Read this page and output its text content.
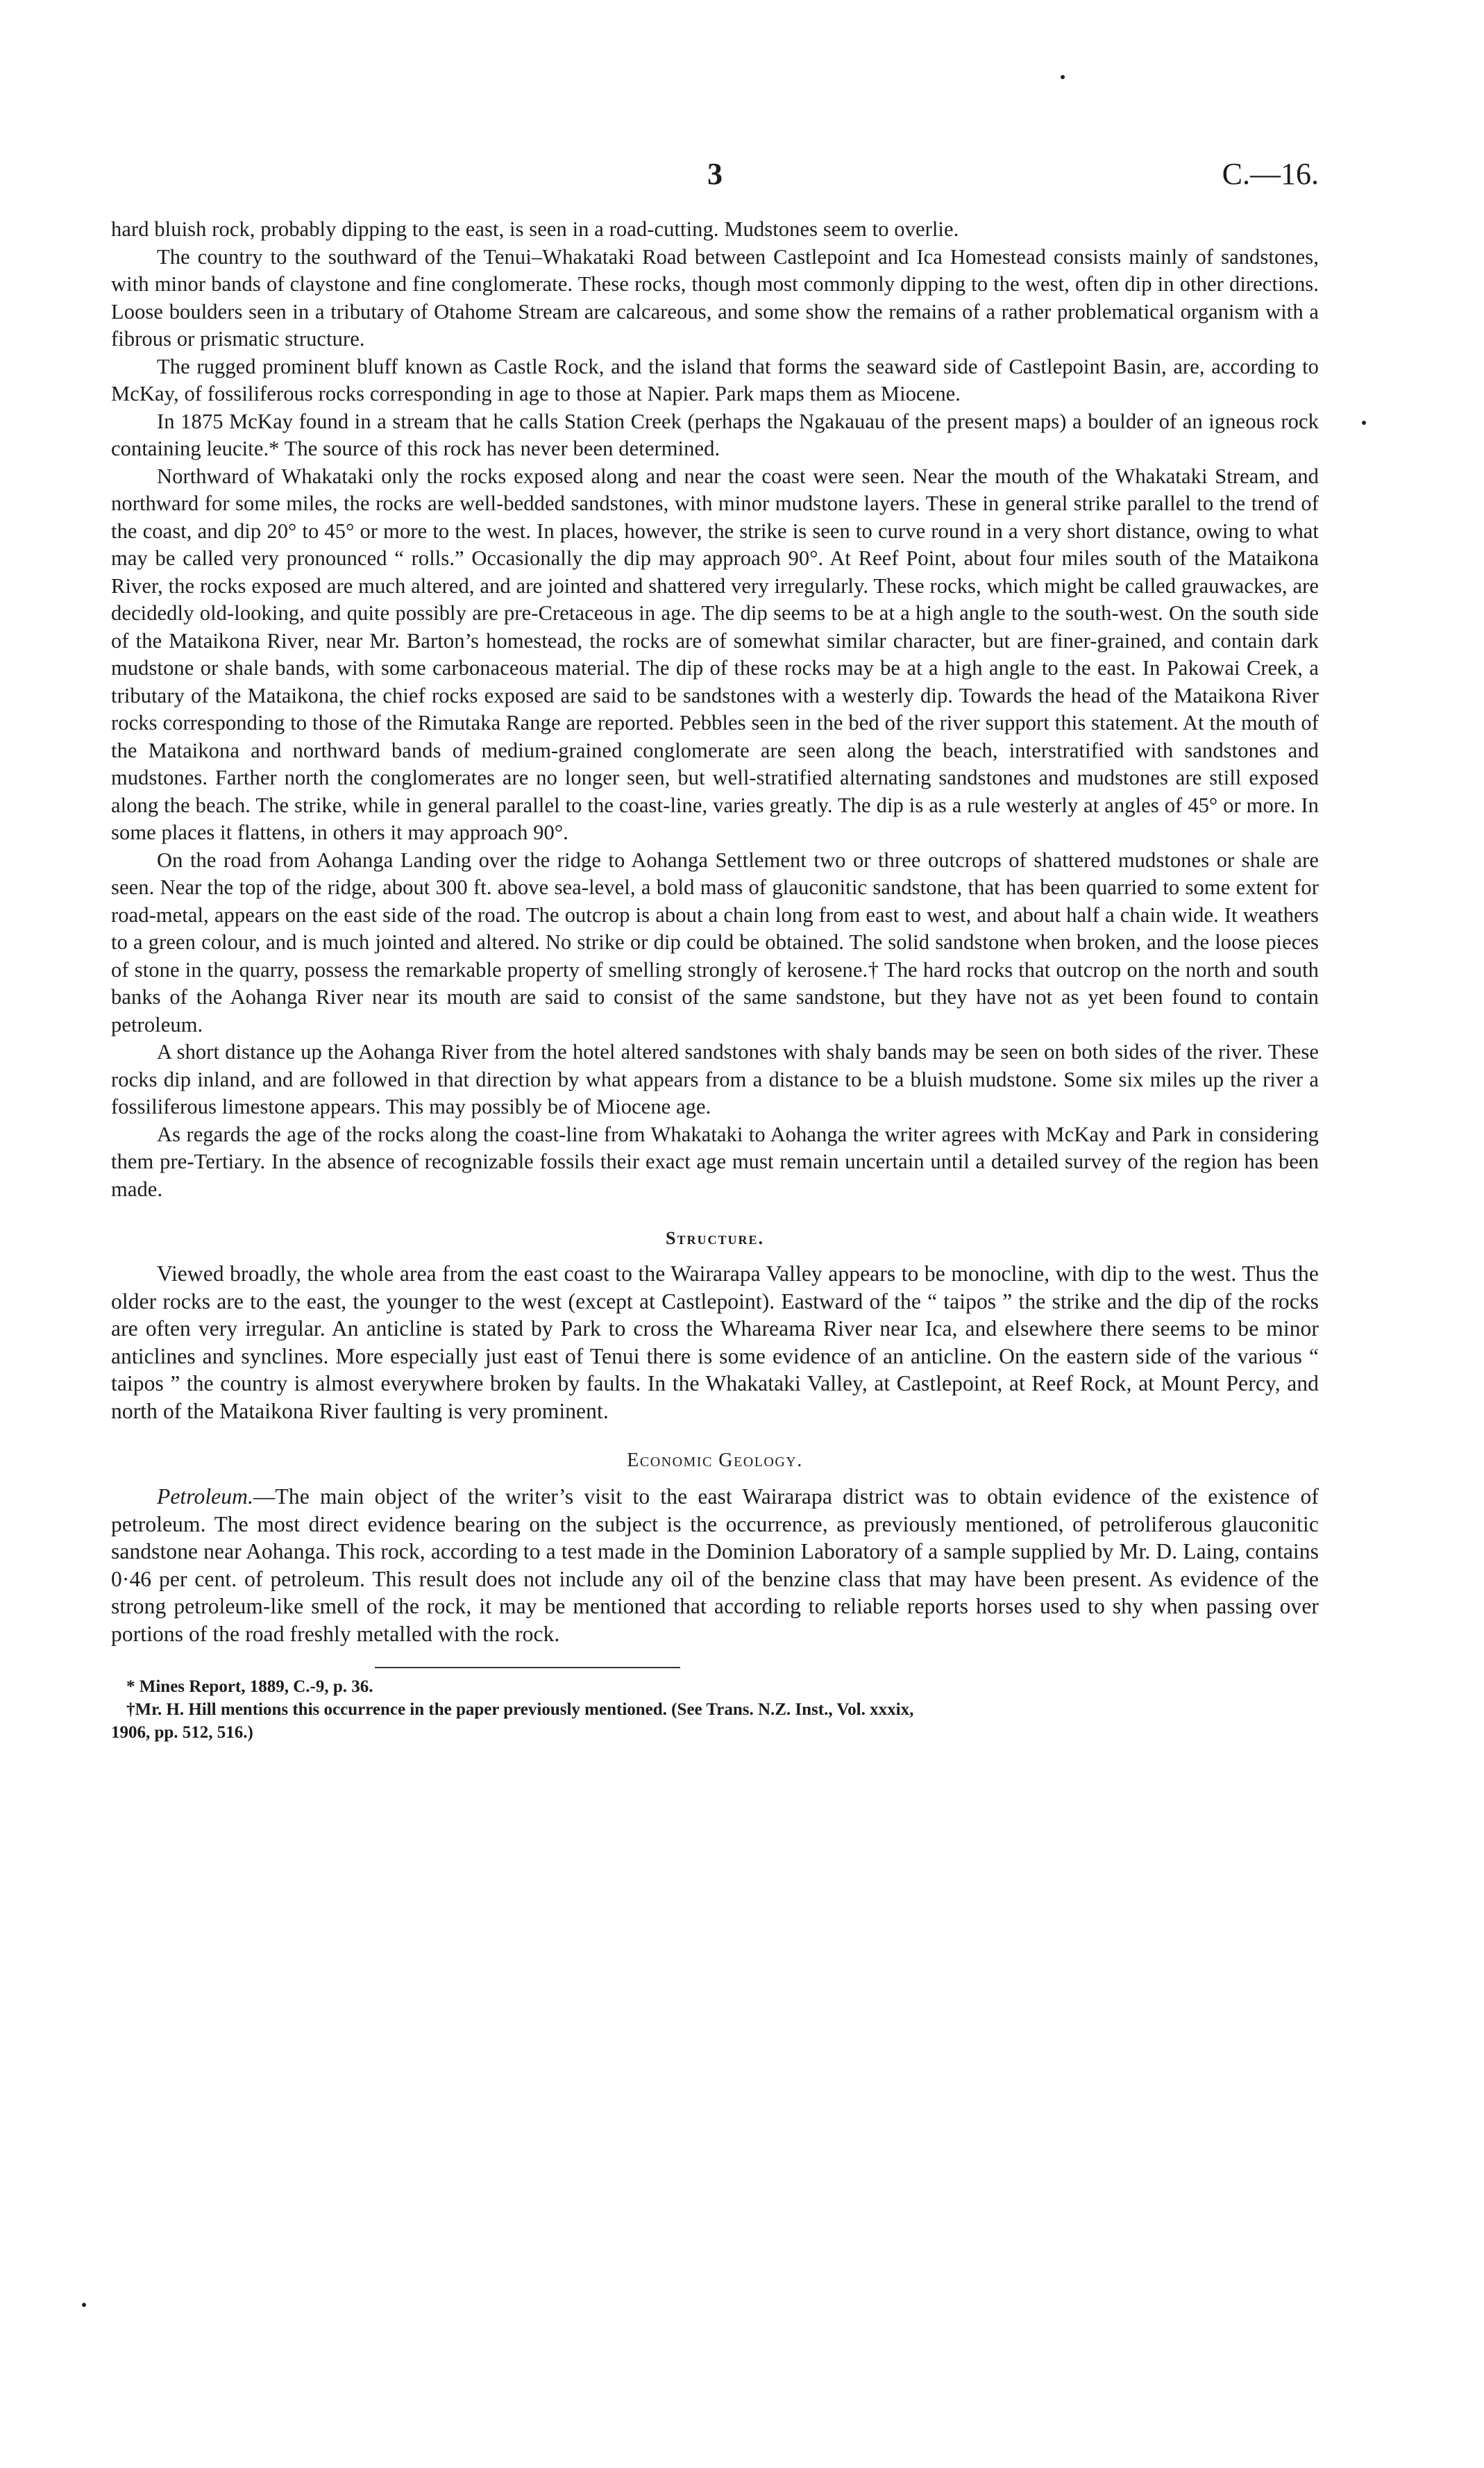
3	C.—16.

hard bluish rock, probably dipping to the east, is seen in a road-cutting. Mudstones seem to overlie.

The country to the southward of the Tenui–Whakataki Road between Castlepoint and Ica Homestead consists mainly of sandstones, with minor bands of claystone and fine conglomerate. These rocks, though most commonly dipping to the west, often dip in other directions. Loose boulders seen in a tributary of Otahome Stream are calcareous, and some show the remains of a rather problematical organism with a fibrous or prismatic structure.

The rugged prominent bluff known as Castle Rock, and the island that forms the seaward side of Castlepoint Basin, are, according to McKay, of fossiliferous rocks corresponding in age to those at Napier. Park maps them as Miocene.

In 1875 McKay found in a stream that he calls Station Creek (perhaps the Ngakauau of the present maps) a boulder of an igneous rock containing leucite.* The source of this rock has never been determined.

Northward of Whakataki only the rocks exposed along and near the coast were seen. Near the mouth of the Whakataki Stream, and northward for some miles, the rocks are well-bedded sandstones, with minor mudstone layers. These in general strike parallel to the trend of the coast, and dip 20° to 45° or more to the west. In places, however, the strike is seen to curve round in a very short distance, owing to what may be called very pronounced “ rolls.” Occasionally the dip may approach 90°. At Reef Point, about four miles south of the Mataikona River, the rocks exposed are much altered, and are jointed and shattered very irregularly. These rocks, which might be called grauwackes, are decidedly old-looking, and quite possibly are pre-Cretaceous in age. The dip seems to be at a high angle to the south-west. On the south side of the Mataikona River, near Mr. Barton’s homestead, the rocks are of somewhat similar character, but are finer-grained, and contain dark mudstone or shale bands, with some carbonaceous material. The dip of these rocks may be at a high angle to the east. In Pakowai Creek, a tributary of the Mataikona, the chief rocks exposed are said to be sandstones with a westerly dip. Towards the head of the Mataikona River rocks corresponding to those of the Rimutaka Range are reported. Pebbles seen in the bed of the river support this statement. At the mouth of the Mataikona and northward bands of medium-grained conglomerate are seen along the beach, interstratified with sandstones and mudstones. Farther north the conglomerates are no longer seen, but well-stratified alternating sandstones and mudstones are still exposed along the beach. The strike, while in general parallel to the coast-line, varies greatly. The dip is as a rule westerly at angles of 45° or more. In some places it flattens, in others it may approach 90°.

On the road from Aohanga Landing over the ridge to Aohanga Settlement two or three outcrops of shattered mudstones or shale are seen. Near the top of the ridge, about 300 ft. above sea-level, a bold mass of glauconitic sandstone, that has been quarried to some extent for road-metal, appears on the east side of the road. The outcrop is about a chain long from east to west, and about half a chain wide. It weathers to a green colour, and is much jointed and altered. No strike or dip could be obtained. The solid sandstone when broken, and the loose pieces of stone in the quarry, possess the remarkable property of smelling strongly of kerosene.† The hard rocks that outcrop on the north and south banks of the Aohanga River near its mouth are said to consist of the same sandstone, but they have not as yet been found to contain petroleum.

A short distance up the Aohanga River from the hotel altered sandstones with shaly bands may be seen on both sides of the river. These rocks dip inland, and are followed in that direction by what appears from a distance to be a bluish mudstone. Some six miles up the river a fossiliferous limestone appears. This may possibly be of Miocene age.

As regards the age of the rocks along the coast-line from Whakataki to Aohanga the writer agrees with McKay and Park in considering them pre-Tertiary. In the absence of recognizable fossils their exact age must remain uncertain until a detailed survey of the region has been made.

Structure.

Viewed broadly, the whole area from the east coast to the Wairarapa Valley appears to be monocline, with dip to the west. Thus the older rocks are to the east, the younger to the west (except at Castlepoint). Eastward of the “ taipos ” the strike and the dip of the rocks are often very irregular. An anticline is stated by Park to cross the Whareama River near Ica, and elsewhere there seems to be minor anticlines and synclines. More especially just east of Tenui there is some evidence of an anticline. On the eastern side of the various “ taipos ” the country is almost everywhere broken by faults. In the Whakataki Valley, at Castlepoint, at Reef Rock, at Mount Percy, and north of the Mataikona River faulting is very prominent.

Economic Geology.

Petroleum.—The main object of the writer’s visit to the east Wairarapa district was to obtain evidence of the existence of petroleum. The most direct evidence bearing on the subject is the occurrence, as previously mentioned, of petroliferous glauconitic sandstone near Aohanga. This rock, according to a test made in the Dominion Laboratory of a sample supplied by Mr. D. Laing, contains 0·46 per cent. of petroleum. This result does not include any oil of the benzine class that may have been present. As evidence of the strong petroleum-like smell of the rock, it may be mentioned that according to reliable reports horses used to shy when passing over portions of the road freshly metalled with the rock.

* Mines Report, 1889, C.-9, p. 36.

†Mr. H. Hill mentions this occurrence in the paper previously mentioned. (See Trans. N.Z. Inst., Vol. xxxix,

1906, pp. 512, 516.)
